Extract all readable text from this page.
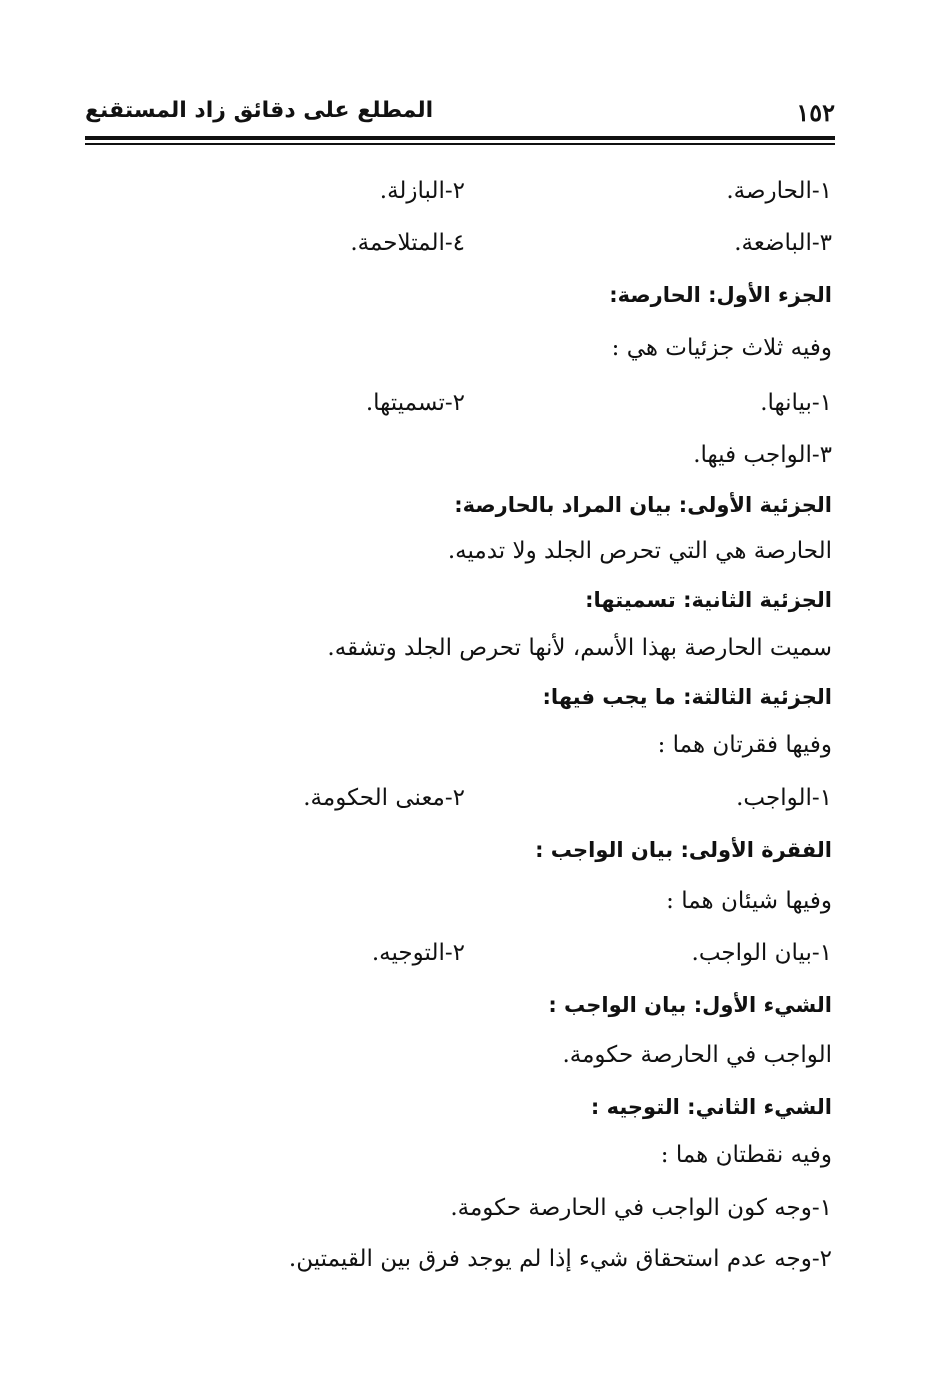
١٥٢
المطلع على دقائق زاد المستقنع
١-الحارصة.
٢-البازلة.
٣-الباضعة.
٤-المتلاحمة.
الجزء الأول: الحارصة:
وفيه ثلاث جزئيات هي :
١-بيانها.
٢-تسميتها.
٣-الواجب فيها.
الجزئية الأولى: بيان المراد بالحارصة:
الحارصة هي التي تحرص الجلد ولا تدميه.
الجزئية الثانية: تسميتها:
سميت الحارصة بهذا الأسم، لأنها تحرص الجلد وتشقه.
الجزئية الثالثة: ما يجب فيها:
وفيها فقرتان هما :
١-الواجب.
٢-معنى الحكومة.
الفقرة الأولى: بيان الواجب :
وفيها شيئان هما :
١-بيان الواجب.
٢-التوجيه.
الشيء الأول: بيان الواجب :
الواجب في الحارصة حكومة.
الشيء الثاني: التوجيه :
وفيه نقطتان هما :
١-وجه كون الواجب في الحارصة حكومة.
٢-وجه عدم استحقاق شيء إذا لم يوجد فرق بين القيمتين.
